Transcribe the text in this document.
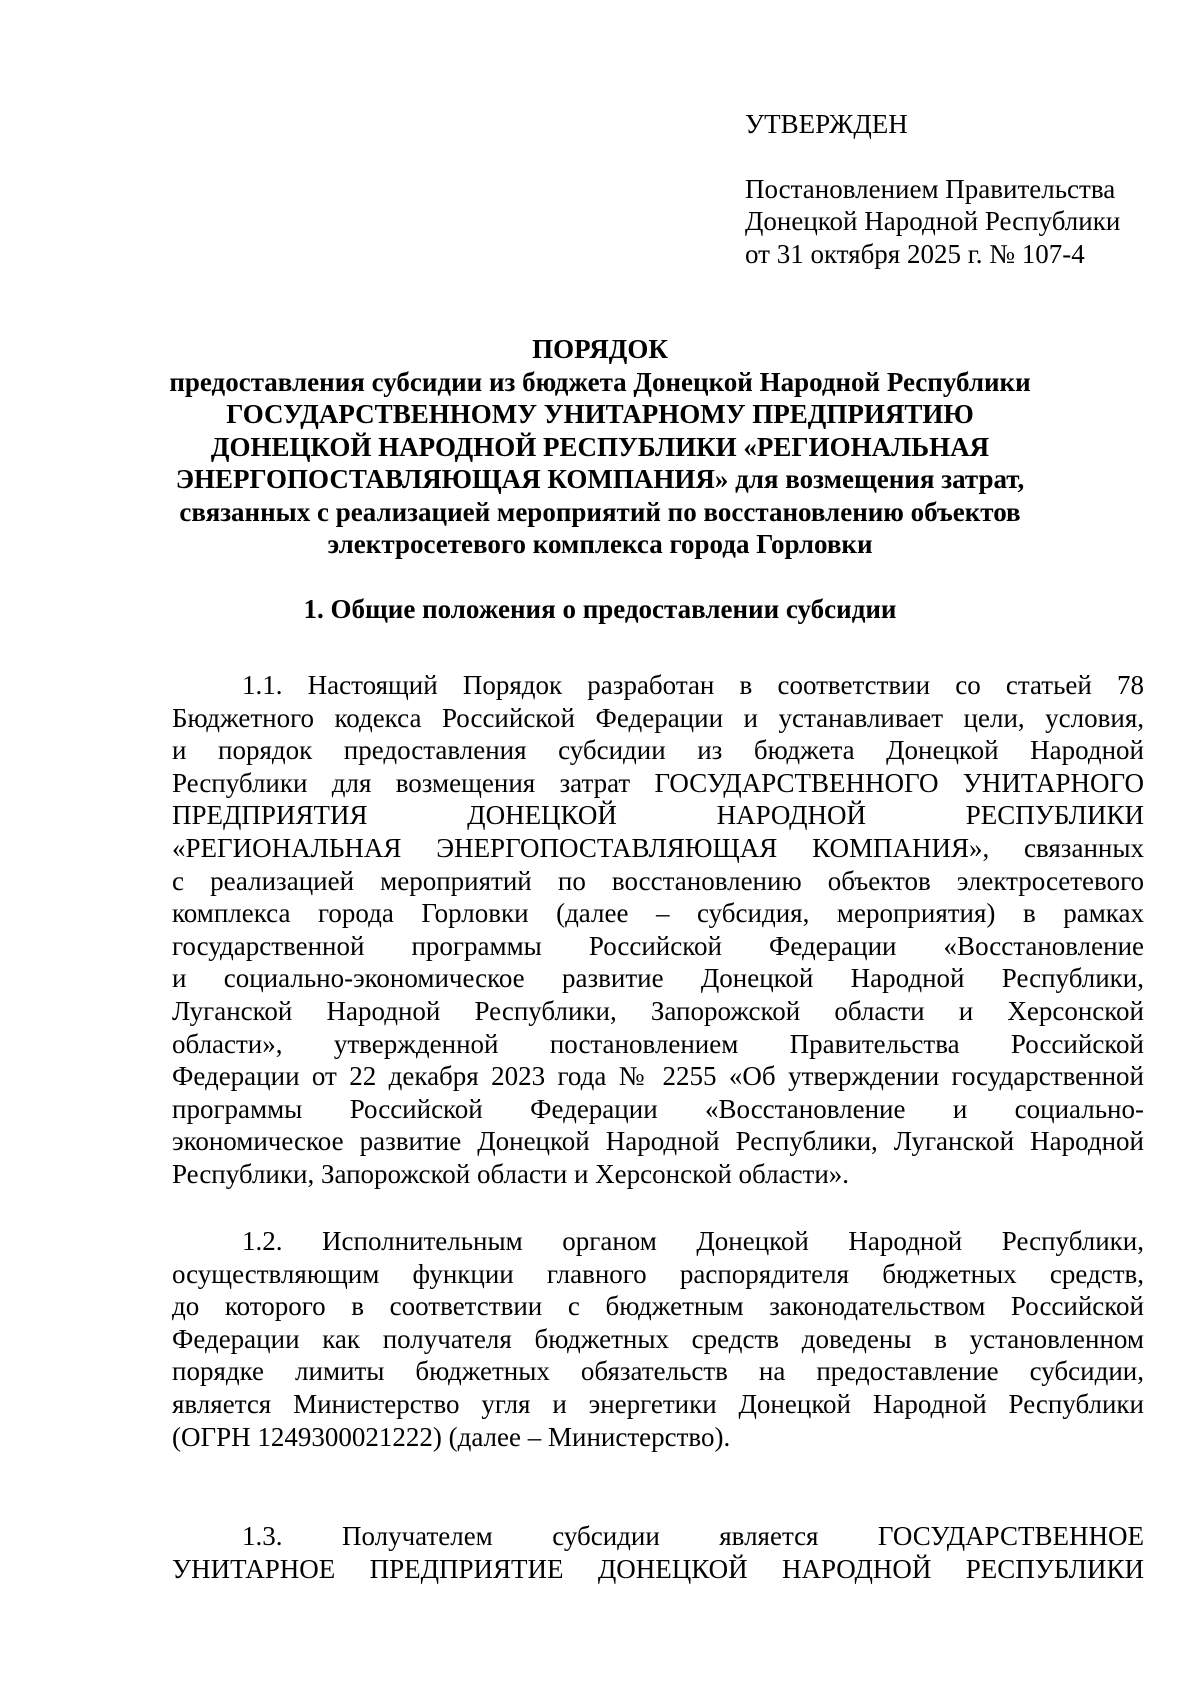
УТВЕРЖДЕН
Постановлением Правительства
Донецкой Народной Республики
от 31 октября 2025 г. № 107-4
ПОРЯДОК
предоставления субсидии из бюджета Донецкой Народной Республики
ГОСУДАРСТВЕННОМУ УНИТАРНОМУ ПРЕДПРИЯТИЮ
ДОНЕЦКОЙ НАРОДНОЙ РЕСПУБЛИКИ «РЕГИОНАЛЬНАЯ
ЭНЕРГОПОСТАВЛЯЮЩАЯ КОМПАНИЯ» для возмещения затрат,
связанных с реализацией мероприятий по восстановлению объектов
электросетевого комплекса города Горловки
1. Общие положения о предоставлении субсидии
1.1. Настоящий Порядок разработан в соответствии со статьей 78
Бюджетного кодекса Российской Федерации и устанавливает цели, условия,
и порядок предоставления субсидии из бюджета Донецкой Народной
Республики для возмещения затрат ГОСУДАРСТВЕННОГО УНИТАРНОГО
ПРЕДПРИЯТИЯ ДОНЕЦКОЙ НАРОДНОЙ РЕСПУБЛИКИ
«РЕГИОНАЛЬНАЯ ЭНЕРГОПОСТАВЛЯЮЩАЯ КОМПАНИЯ», связанных
с реализацией мероприятий по восстановлению объектов электросетевого
комплекса города Горловки (далее – субсидия, мероприятия) в рамках
государственной программы Российской Федерации «Восстановление
и социально-экономическое развитие Донецкой Народной Республики,
Луганской Народной Республики, Запорожской области и Херсонской
области», утвержденной постановлением Правительства Российской
Федерации от 22 декабря 2023 года № 2255 «Об утверждении государственной
программы Российской Федерации «Восстановление и социально-
экономическое развитие Донецкой Народной Республики, Луганской Народной
Республики, Запорожской области и Херсонской области».
1.2. Исполнительным органом Донецкой Народной Республики,
осуществляющим функции главного распорядителя бюджетных средств,
до которого в соответствии с бюджетным законодательством Российской
Федерации как получателя бюджетных средств доведены в установленном
порядке лимиты бюджетных обязательств на предоставление субсидии,
является Министерство угля и энергетики Донецкой Народной Республики
(ОГРН 1249300021222) (далее – Министерство).
1.3. Получателем субсидии является ГОСУДАРСТВЕННОЕ
УНИТАРНОЕ ПРЕДПРИЯТИЕ ДОНЕЦКОЙ НАРОДНОЙ РЕСПУБЛИКИ
